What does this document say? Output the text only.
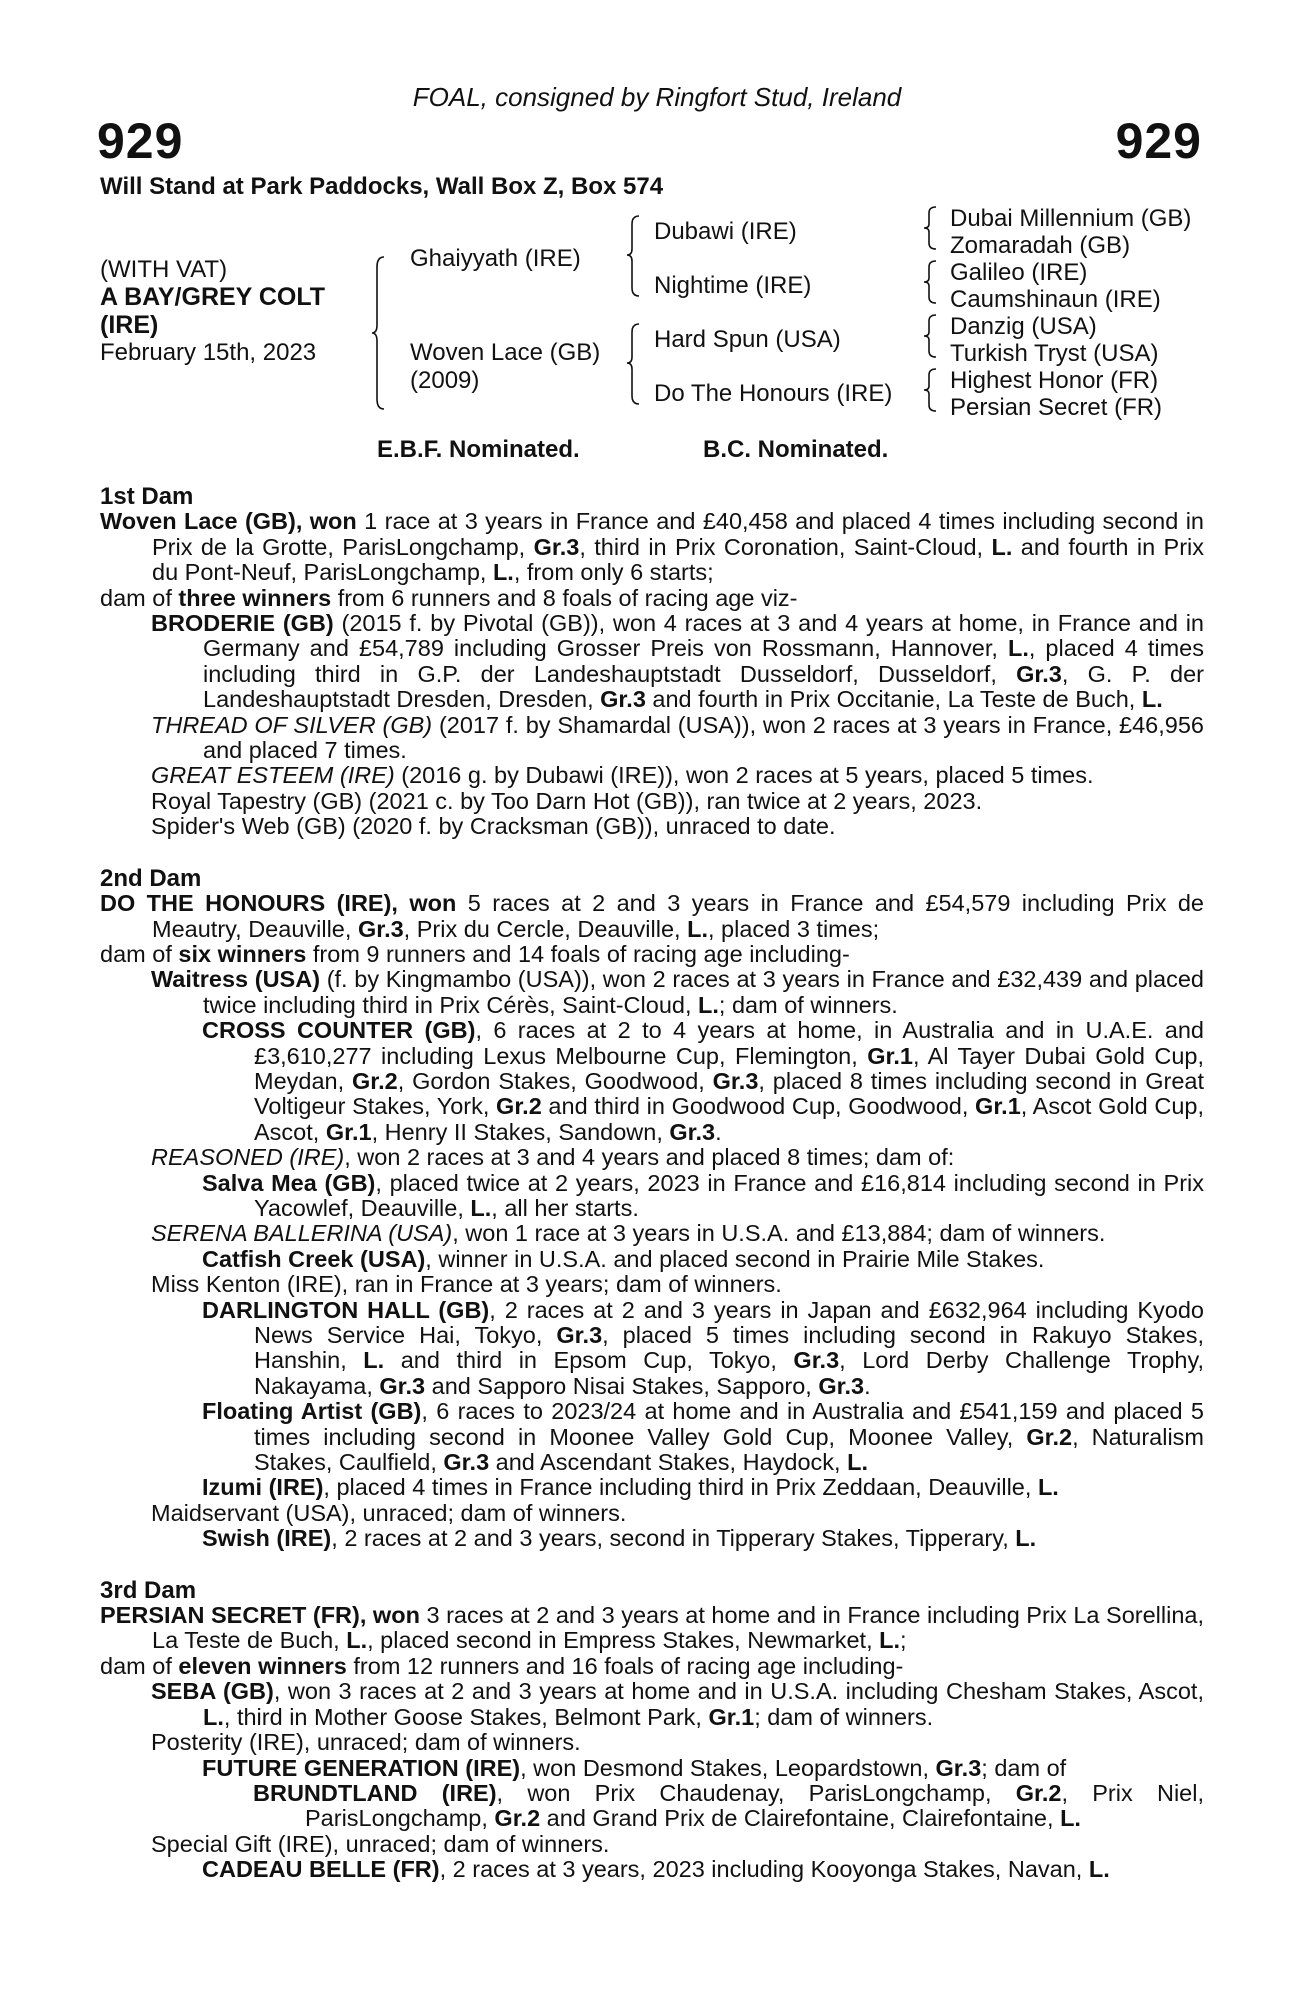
FOAL, consigned by Ringfort Stud, Ireland
929	929
Will Stand at Park Paddocks, Wall Box Z, Box 574
(WITH VAT)
A BAY/GREY COLT
(IRE)
February 15th, 2023
Ghaiyyath (IRE)
Woven Lace (GB)
(2009)
Dubawi (IRE)
Nightime (IRE)
Hard Spun (USA)
Do The Honours (IRE)
Dubai Millennium (GB)
Zomaradah (GB)
Galileo (IRE)
Caumshinaun (IRE)
Danzig (USA)
Turkish Tryst (USA)
Highest Honor (FR)
Persian Secret (FR)
E.B.F. Nominated.	B.C. Nominated.

1st Dam

Woven Lace (GB), won 1 race at 3 years in France and £40,458 and placed 4 times including second in Prix de la Grotte, ParisLongchamp, Gr.3, third in Prix Coronation, Saint-Cloud, L. and fourth in Prix du Pont-Neuf, ParisLongchamp, L., from only 6 starts;

dam of three winners from 6 runners and 8 foals of racing age viz-

BRODERIE (GB) (2015 f. by Pivotal (GB)), won 4 races at 3 and 4 years at home, in France and in Germany and £54,789 including Grosser Preis von Rossmann, Hannover, L., placed 4 times including third in G.P. der Landeshauptstadt Dusseldorf, Dusseldorf, Gr.3, G. P. der Landeshauptstadt Dresden, Dresden, Gr.3 and fourth in Prix Occitanie, La Teste de Buch, L.

THREAD OF SILVER (GB) (2017 f. by Shamardal (USA)), won 2 races at 3 years in France, £46,956 and placed 7 times.

GREAT ESTEEM (IRE) (2016 g. by Dubawi (IRE)), won 2 races at 5 years, placed 5 times.

Royal Tapestry (GB) (2021 c. by Too Darn Hot (GB)), ran twice at 2 years, 2023.

Spider's Web (GB) (2020 f. by Cracksman (GB)), unraced to date.

2nd Dam

DO THE HONOURS (IRE), won 5 races at 2 and 3 years in France and £54,579 including Prix de Meautry, Deauville, Gr.3, Prix du Cercle, Deauville, L., placed 3 times;

dam of six winners from 9 runners and 14 foals of racing age including-

Waitress (USA) (f. by Kingmambo (USA)), won 2 races at 3 years in France and £32,439 and placed twice including third in Prix Cérès, Saint-Cloud, L.; dam of winners.

CROSS COUNTER (GB), 6 races at 2 to 4 years at home, in Australia and in U.A.E. and £3,610,277 including Lexus Melbourne Cup, Flemington, Gr.1, Al Tayer Dubai Gold Cup, Meydan, Gr.2, Gordon Stakes, Goodwood, Gr.3, placed 8 times including second in Great Voltigeur Stakes, York, Gr.2 and third in Goodwood Cup, Goodwood, Gr.1, Ascot Gold Cup, Ascot, Gr.1, Henry II Stakes, Sandown, Gr.3.

REASONED (IRE), won 2 races at 3 and 4 years and placed 8 times; dam of:

Salva Mea (GB), placed twice at 2 years, 2023 in France and £16,814 including second in Prix Yacowlef, Deauville, L., all her starts.

SERENA BALLERINA (USA), won 1 race at 3 years in U.S.A. and £13,884; dam of winners.

Catfish Creek (USA), winner in U.S.A. and placed second in Prairie Mile Stakes.

Miss Kenton (IRE), ran in France at 3 years; dam of winners.

DARLINGTON HALL (GB), 2 races at 2 and 3 years in Japan and £632,964 including Kyodo News Service Hai, Tokyo, Gr.3, placed 5 times including second in Rakuyo Stakes, Hanshin, L. and third in Epsom Cup, Tokyo, Gr.3, Lord Derby Challenge Trophy, Nakayama, Gr.3 and Sapporo Nisai Stakes, Sapporo, Gr.3.

Floating Artist (GB), 6 races to 2023/24 at home and in Australia and £541,159 and placed 5 times including second in Moonee Valley Gold Cup, Moonee Valley, Gr.2, Naturalism Stakes, Caulfield, Gr.3 and Ascendant Stakes, Haydock, L.

Izumi (IRE), placed 4 times in France including third in Prix Zeddaan, Deauville, L.

Maidservant (USA), unraced; dam of winners.

Swish (IRE), 2 races at 2 and 3 years, second in Tipperary Stakes, Tipperary, L.

3rd Dam

PERSIAN SECRET (FR), won 3 races at 2 and 3 years at home and in France including Prix La Sorellina, La Teste de Buch, L., placed second in Empress Stakes, Newmarket, L.;

dam of eleven winners from 12 runners and 16 foals of racing age including-

SEBA (GB), won 3 races at 2 and 3 years at home and in U.S.A. including Chesham Stakes, Ascot, L., third in Mother Goose Stakes, Belmont Park, Gr.1; dam of winners.

Posterity (IRE), unraced; dam of winners.

FUTURE GENERATION (IRE), won Desmond Stakes, Leopardstown, Gr.3; dam of

BRUNDTLAND (IRE), won Prix Chaudenay, ParisLongchamp, Gr.2, Prix Niel, ParisLongchamp, Gr.2 and Grand Prix de Clairefontaine, Clairefontaine, L.

Special Gift (IRE), unraced; dam of winners.

CADEAU BELLE (FR), 2 races at 3 years, 2023 including Kooyonga Stakes, Navan, L.
